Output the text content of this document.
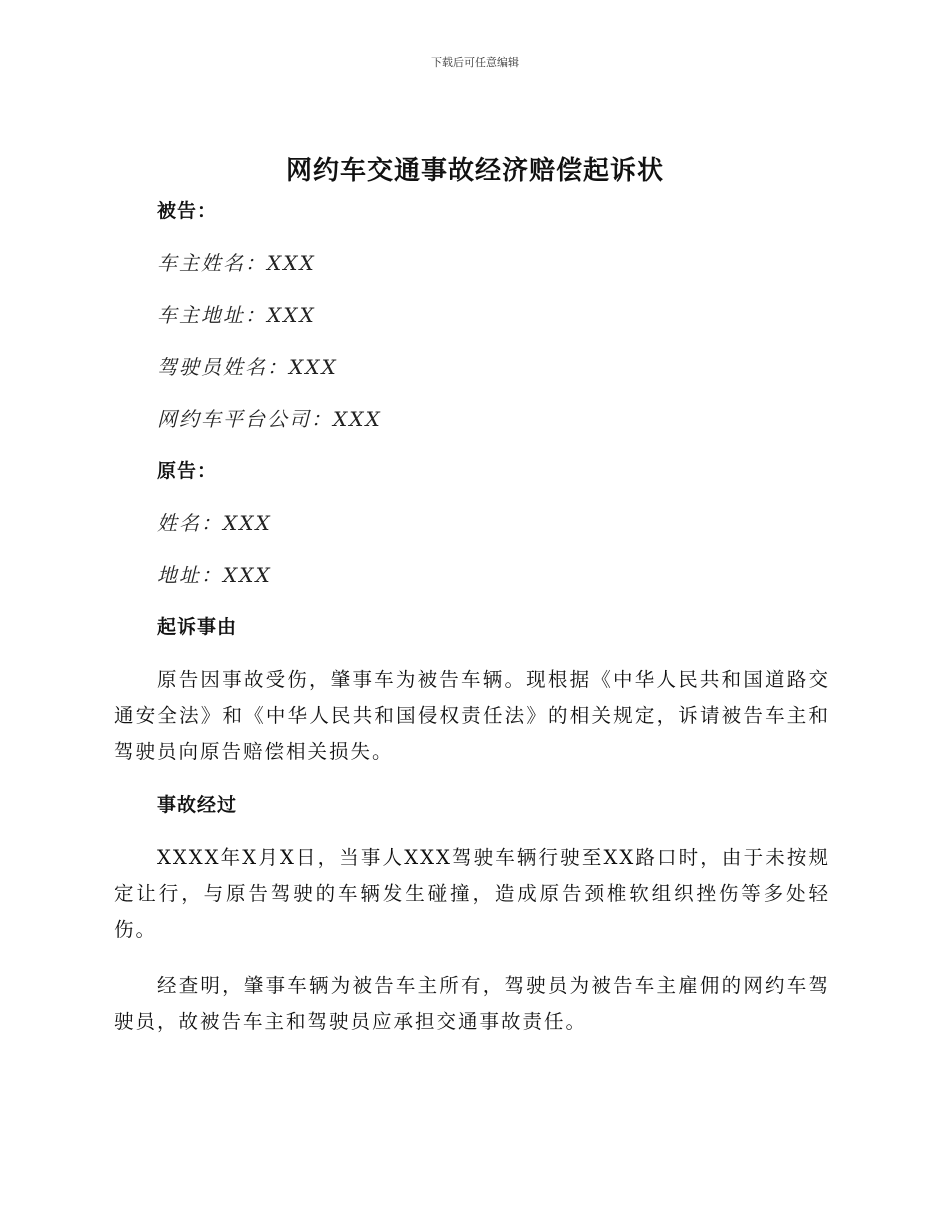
下载后可任意编辑
网约车交通事故经济赔偿起诉状

被告：

车主姓名：XXX

车主地址：XXX

驾驶员姓名：XXX

网约车平台公司：XXX

原告：

姓名：XXX

地址：XXX

起诉事由

原告因事故受伤，肇事车为被告车辆。现根据《中华人民共和国道路交通安全法》和《中华人民共和国侵权责任法》的相关规定，诉请被告车主和驾驶员向原告赔偿相关损失。

事故经过

XXXX年X月X日，当事人XXX驾驶车辆行驶至XX路口时，由于未按规定让行，与原告驾驶的车辆发生碰撞，造成原告颈椎软组织挫伤等多处轻伤。

经查明，肇事车辆为被告车主所有，驾驶员为被告车主雇佣的网约车驾驶员，故被告车主和驾驶员应承担交通事故责任。
